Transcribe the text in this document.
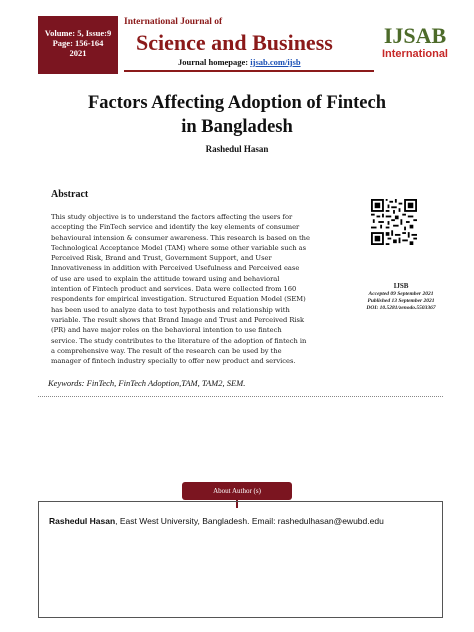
Volume: 5, Issue:9
Page: 156-164
2021
International Journal of
Science and Business
Journal homepage: ijsab.com/ijsb
IJSAB
International
Factors Affecting Adoption of Fintech
in Bangladesh
Rashedul Hasan
Abstract
This study objective is to understand the factors affecting the users for
accepting the FinTech service and identify the key elements of consumer
behavioural intension & consumer awareness. This research is based on the
Technological Acceptance Model (TAM) where some other variable such as
Perceived Risk, Brand and Trust, Government Support, and User
Innovativeness in addition with Perceived Usefulness and Perceived ease
of use are used to explain the attitude toward using and behavioral
intention of Fintech product and services. Data were collected from 160
respondents for empirical investigation. Structured Equation Model (SEM)
has been used to analyze data to test hypothesis and relationship with
variable. The result shows that Brand Image and Trust and Perceived Risk
(PR) and have major roles on the behavioral intention to use fintech
service. The study contributes to the literature of the adoption of fintech in
a comprehensive way. The result of the research can be used by the
manager of fintech industry specially to offer new product and services.
IJSB
Accepted 09 September 2021
Published 13 September 2021
DOI: 10.5281/zenodo.5503367
Keywords: FinTech, FinTech Adoption,TAM, TAM2, SEM.
About Author (s)
Rashedul Hasan, East West University, Bangladesh. Email: rashedulhasan@ewubd.edu
